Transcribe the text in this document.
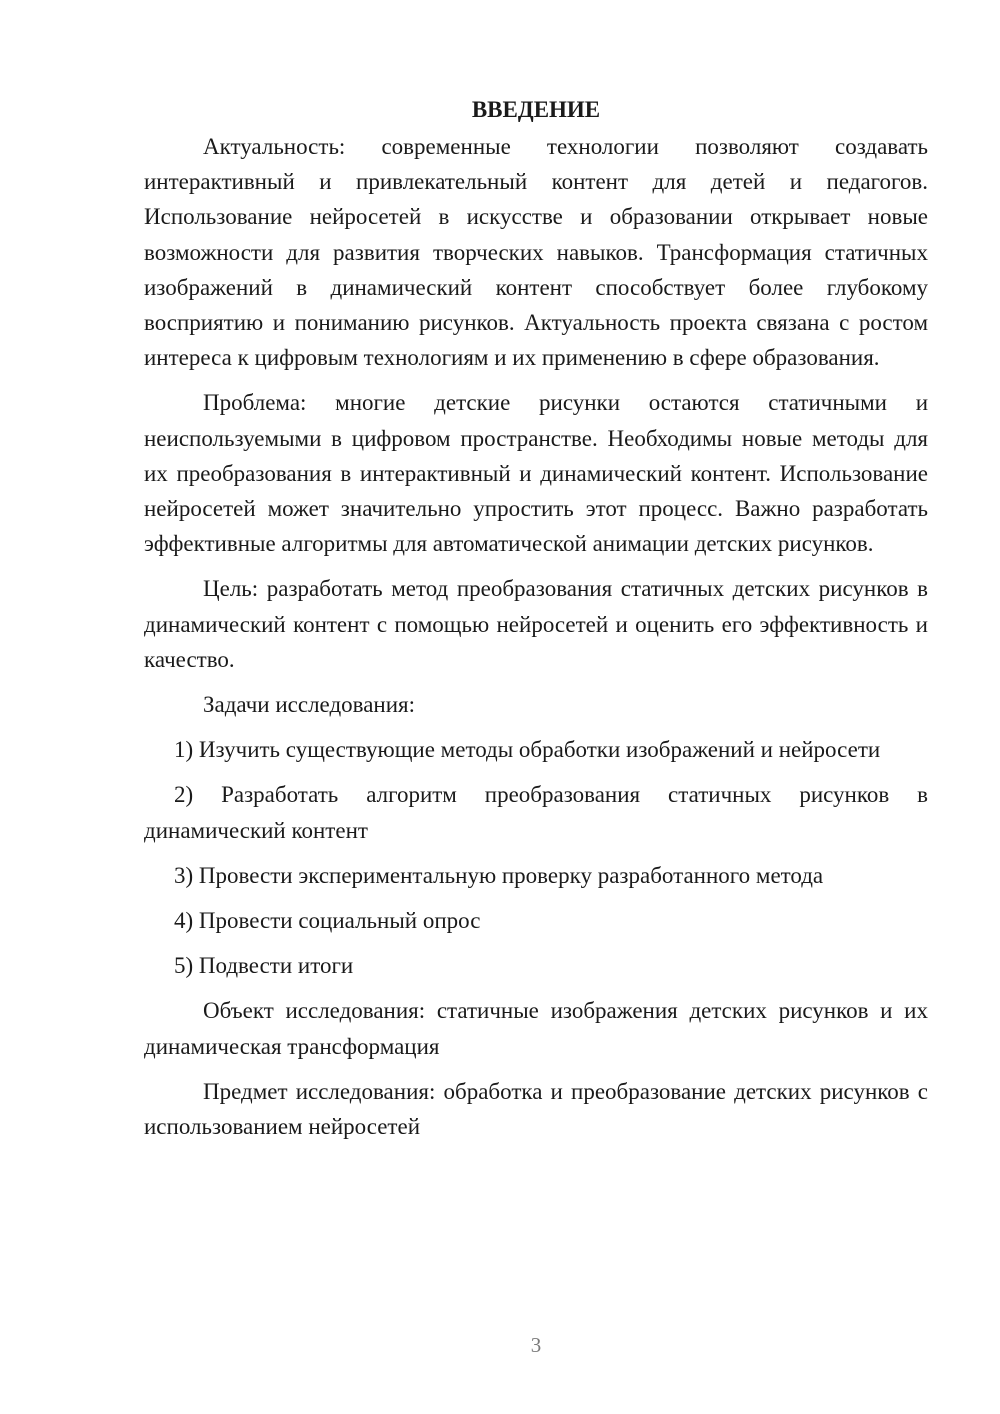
ВВЕДЕНИЕ

Актуальность: современные технологии позволяют создавать интерактивный и привлекательный контент для детей и педагогов. Использование нейросетей в искусстве и образовании открывает новые возможности для развития творческих навыков. Трансформация статичных изображений в динамический контент способствует более глубокому восприятию и пониманию рисунков. Актуальность проекта связана с ростом интереса к цифровым технологиям и их применению в сфере образования.

Проблема: многие детские рисунки остаются статичными и неиспользуемыми в цифровом пространстве. Необходимы новые методы для их преобразования в интерактивный и динамический контент. Использование нейросетей может значительно упростить этот процесс. Важно разработать эффективные алгоритмы для автоматической анимации детских рисунков.

Цель: разработать метод преобразования статичных детских рисунков в динамический контент с помощью нейросетей и оценить его эффективность и качество.

Задачи исследования:

1) Изучить существующие методы обработки изображений и нейросети

2) Разработать алгоритм преобразования статичных рисунков в динамический контент

3) Провести экспериментальную проверку разработанного метода

4) Провести социальный опрос

5) Подвести итоги

Объект исследования: статичные изображения детских рисунков и их динамическая трансформация

Предмет исследования: обработка и преобразование детских рисунков с использованием нейросетей

3
